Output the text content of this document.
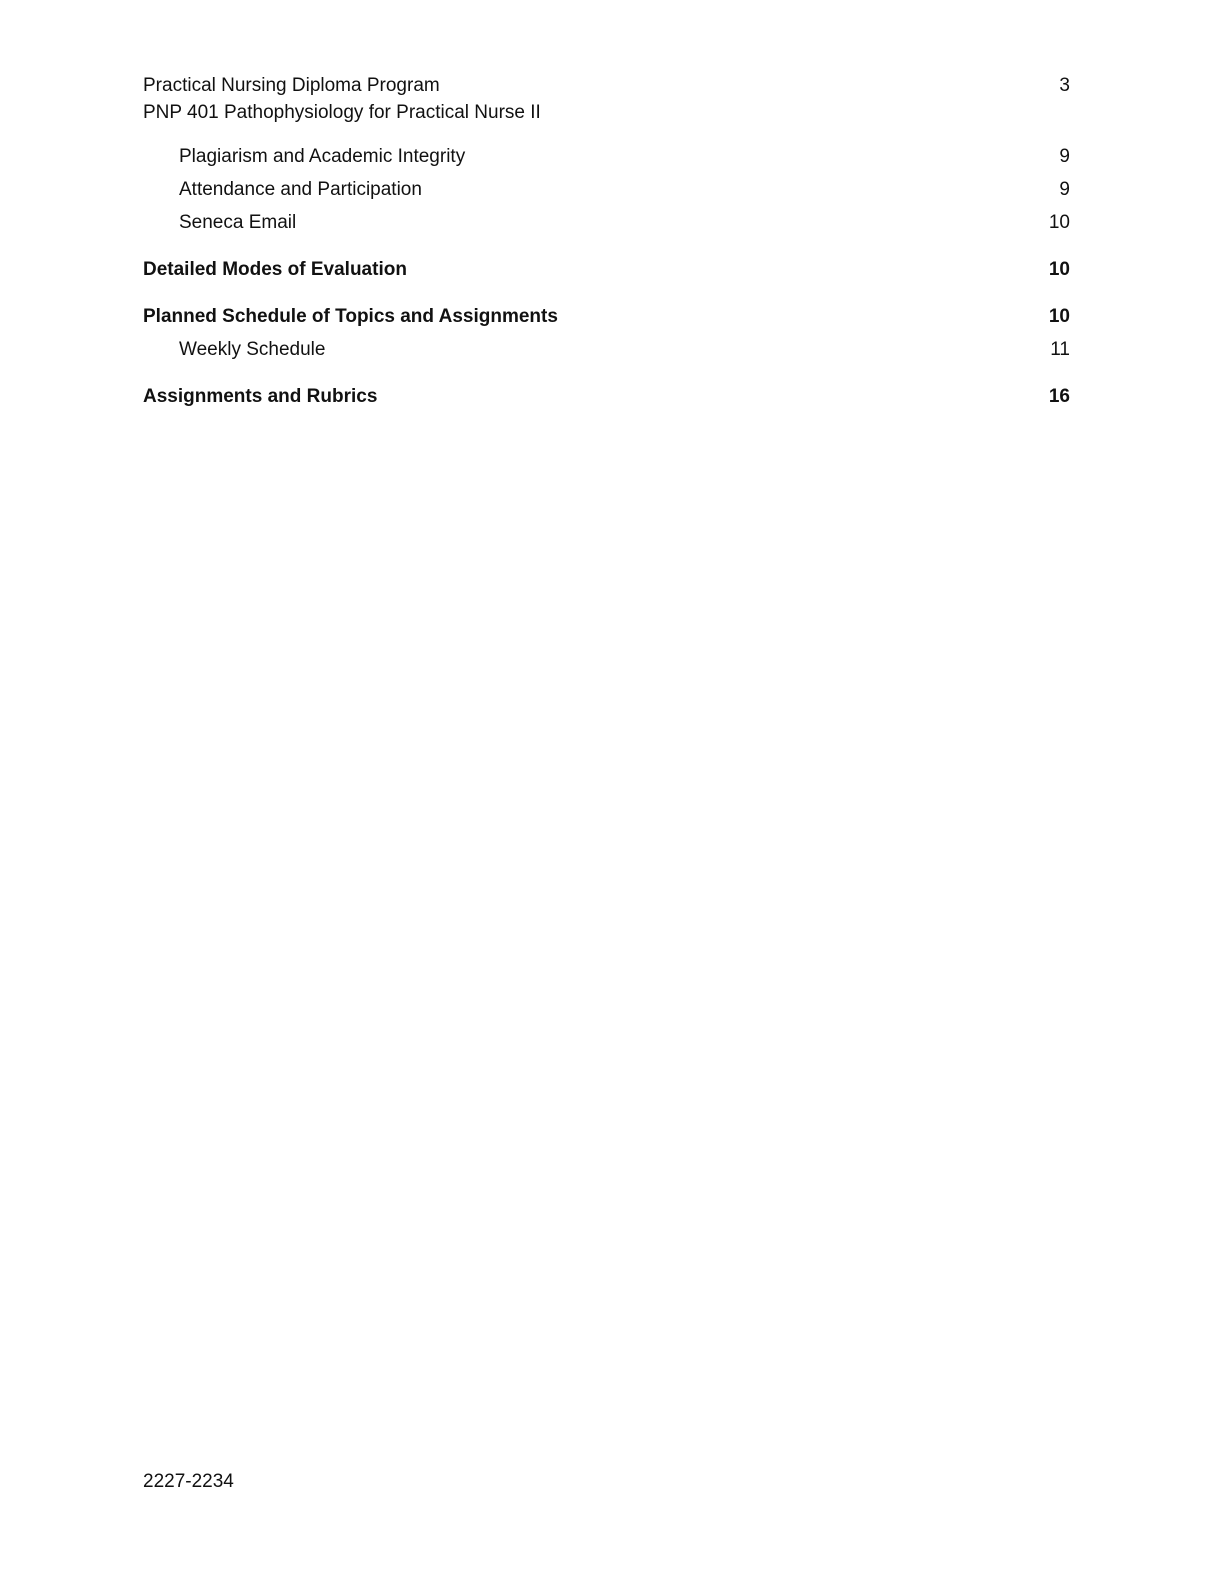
Practical Nursing Diploma Program	3
PNP 401 Pathophysiology for Practical Nurse II
Plagiarism and Academic Integrity	9
Attendance and Participation	9
Seneca Email	10
Detailed Modes of Evaluation	10
Planned Schedule of Topics and Assignments	10
Weekly Schedule	11
Assignments and Rubrics	16
2227-2234
